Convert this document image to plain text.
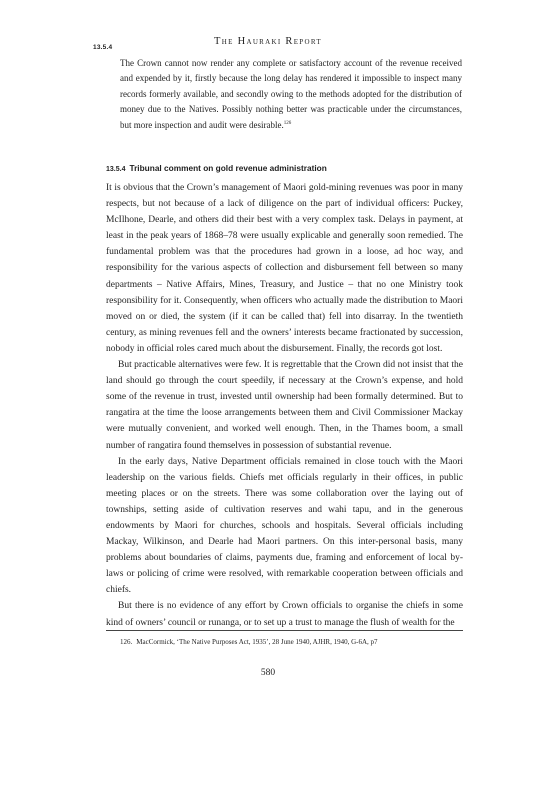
13.5.4
The Hauraki Report

The Crown cannot now render any complete or satisfactory account of the revenue received and expended by it, firstly because the long delay has rendered it impossible to inspect many records formerly available, and secondly owing to the methods adopted for the distribution of money due to the Natives. Possibly nothing better was practicable under the circumstances, but more inspection and audit were desirable.$^{126}$

13.5.4 Tribunal comment on gold revenue administration

It is obvious that the Crown’s management of Maori gold-mining revenues was poor in many respects, but not because of a lack of diligence on the part of individual officers: Puckey, McIlhone, Dearle, and others did their best with a very complex task. Delays in payment, at least in the peak years of 1868–78 were usually explicable and generally soon remedied. The fundamental problem was that the procedures had grown in a loose, ad hoc way, and responsibility for the various aspects of collection and disbursement fell between so many departments – Native Affairs, Mines, Treasury, and Justice – that no one Ministry took responsibility for it. Consequently, when officers who actually made the distribution to Maori moved on or died, the system (if it can be called that) fell into disarray. In the twentieth century, as mining revenues fell and the owners’ interests became fractionated by succession, nobody in official roles cared much about the disbursement. Finally, the records got lost.

But practicable alternatives were few. It is regrettable that the Crown did not insist that the land should go through the court speedily, if necessary at the Crown’s expense, and hold some of the revenue in trust, invested until ownership had been formally determined. But to rangatira at the time the loose arrangements between them and Civil Commissioner Mackay were mutually convenient, and worked well enough. Then, in the Thames boom, a small number of rangatira found themselves in possession of substantial revenue.

In the early days, Native Department officials remained in close touch with the Maori leadership on the various fields. Chiefs met officials regularly in their offices, in public meeting places or on the streets. There was some collaboration over the laying out of townships, setting aside of cultivation reserves and wahi tapu, and in the generous endowments by Maori for churches, schools and hospitals. Several officials including Mackay, Wilkinson, and Dearle had Maori partners. On this inter-personal basis, many problems about boundaries of claims, payments due, framing and enforcement of local by-laws or policing of crime were resolved, with remarkable cooperation between officials and chiefs.

But there is no evidence of any effort by Crown officials to organise the chiefs in some kind of owners’ council or runanga, or to set up a trust to manage the flush of wealth for the

126. MacCormick, ‘The Native Purposes Act, 1935’, 28 June 1940, AJHR, 1940, G-6A, p7

580
